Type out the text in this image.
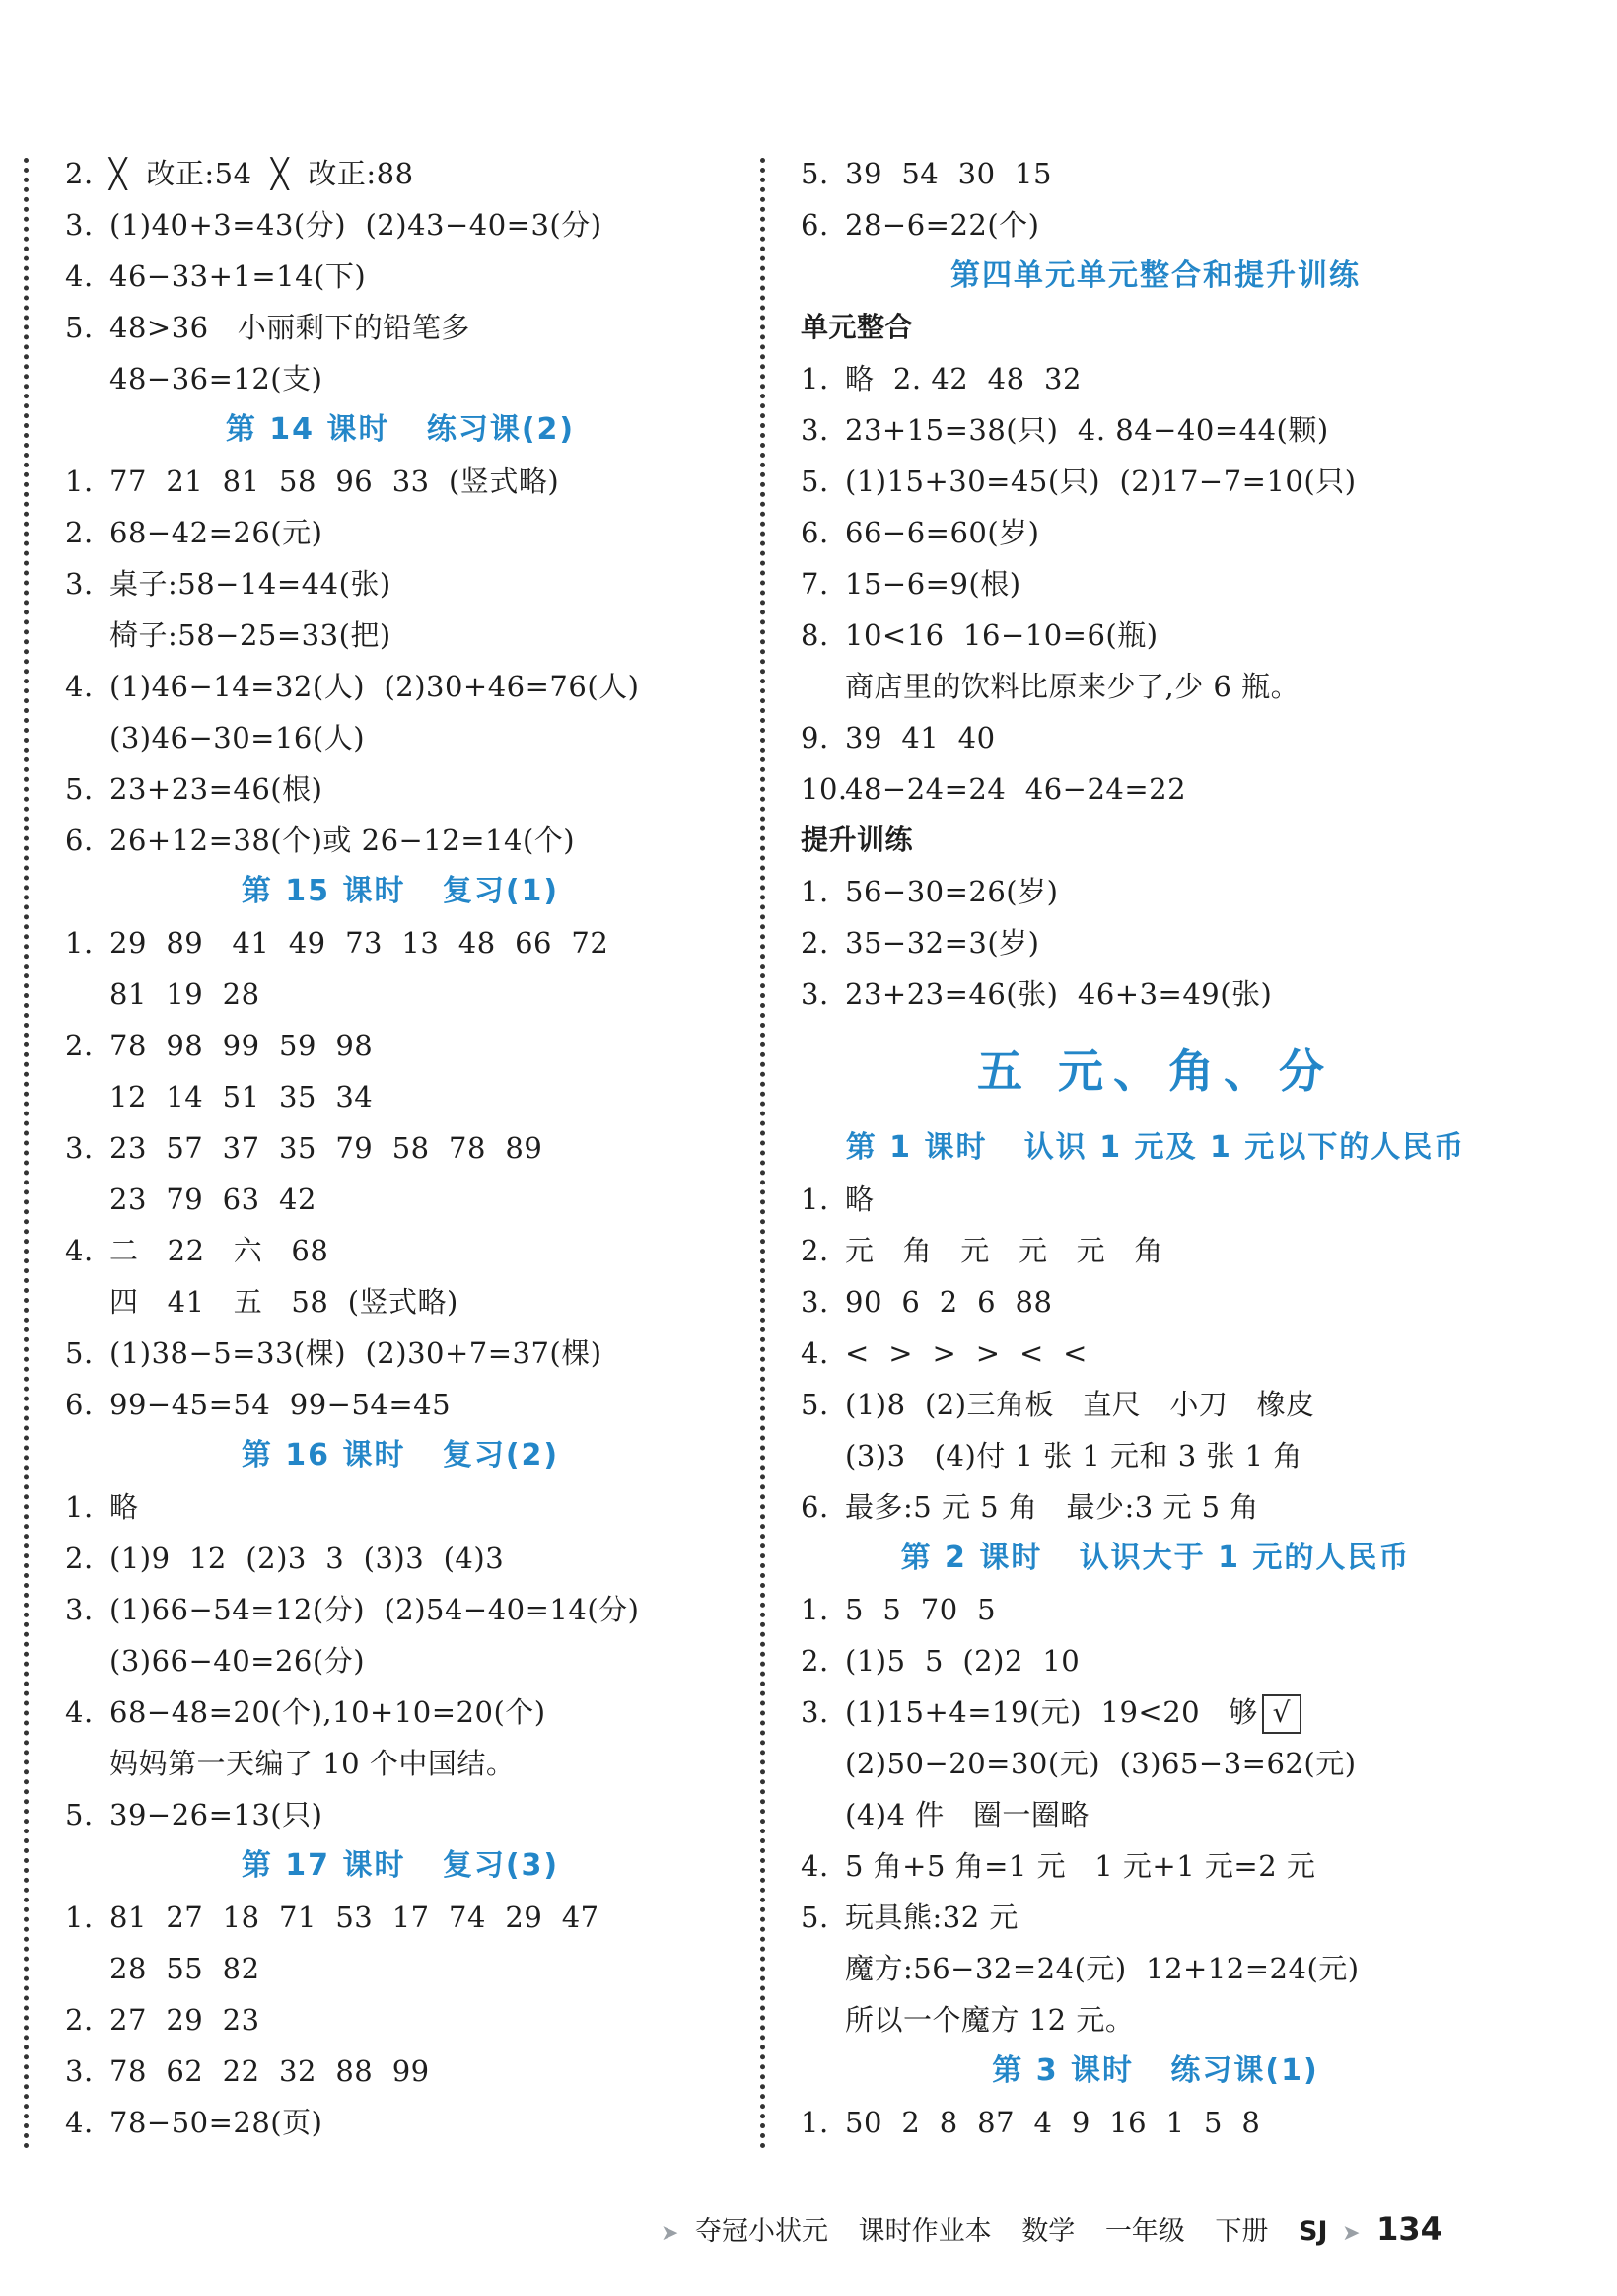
2. ╳  改正:54  ╳  改正:88
3. (1)40+3=43(分)  (2)43−40=3(分)
4. 46−33+1=14(下)
5. 48>36   小丽剩下的铅笔多
48−36=12(支)
第 14 课时   练习课(2)
1. 77  21  81  58  96  33  (竖式略)
2. 68−42=26(元)
3. 桌子:58−14=44(张)
椅子:58−25=33(把)
4. (1)46−14=32(人)  (2)30+46=76(人)
(3)46−30=16(人)
5. 23+23=46(根)
6. 26+12=38(个)或 26−12=14(个)
第 15 课时   复习(1)
1. 29  89   41  49  73  13  48  66  72
81  19  28
2. 78  98  99  59  98
12  14  51  35  34
3. 23  57  37  35  79  58  78  89
23  79  63  42
4. 二   22   六   68
四   41   五   58  (竖式略)
5. (1)38−5=33(棵)  (2)30+7=37(棵)
6. 99−45=54  99−54=45
第 16 课时   复习(2)
1. 略
2. (1)9  12  (2)3  3  (3)3  (4)3
3. (1)66−54=12(分)  (2)54−40=14(分)
(3)66−40=26(分)
4. 68−48=20(个),10+10=20(个)
妈妈第一天编了 10 个中国结。
5. 39−26=13(只)
第 17 课时   复习(3)
1. 81  27  18  71  53  17  74  29  47
28  55  82
2. 27  29  23
3. 78  62  22  32  88  99
4. 78−50=28(页)
5. 39  54  30  15
6. 28−6=22(个)
第四单元单元整合和提升训练
单元整合
1. 略  2. 42  48  32
3. 23+15=38(只)  4. 84−40=44(颗)
5. (1)15+30=45(只)  (2)17−7=10(只)
6. 66−6=60(岁)
7. 15−6=9(根)
8. 10<16  16−10=6(瓶)
商店里的饮料比原来少了,少 6 瓶。
9. 39  41  40
10.48−24=24  46−24=22
提升训练
1. 56−30=26(岁)
2. 35−32=3(岁)
3. 23+23=46(张)  46+3=49(张)
五 元、角、分
第 1 课时   认识 1 元及 1 元以下的人民币
1. 略
2. 元   角   元   元   元   角
3. 90  6  2  6  88
4. <  >  >  >  <  <
5. (1)8  (2)三角板   直尺   小刀   橡皮
(3)3   (4)付 1 张 1 元和 3 张 1 角
6. 最多:5 元 5 角   最少:3 元 5 角
第 2 课时   认识大于 1 元的人民币
1. 5  5  70  5
2. (1)5  5  (2)2  10
3. (1)15+4=19(元)  19<20   够 √
(2)50−20=30(元)  (3)65−3=62(元)
(4)4 件   圈一圈略
4. 5 角+5 角=1 元   1 元+1 元=2 元
5. 玩具熊:32 元
魔方:56−32=24(元)  12+12=24(元)
所以一个魔方 12 元。
第 3 课时   练习课(1)
1. 50  2  8  87  4  9  16  1  5  8
➤ 夺冠小状元 课时作业本 数学 一年级 下册 SJ ➤ 134
